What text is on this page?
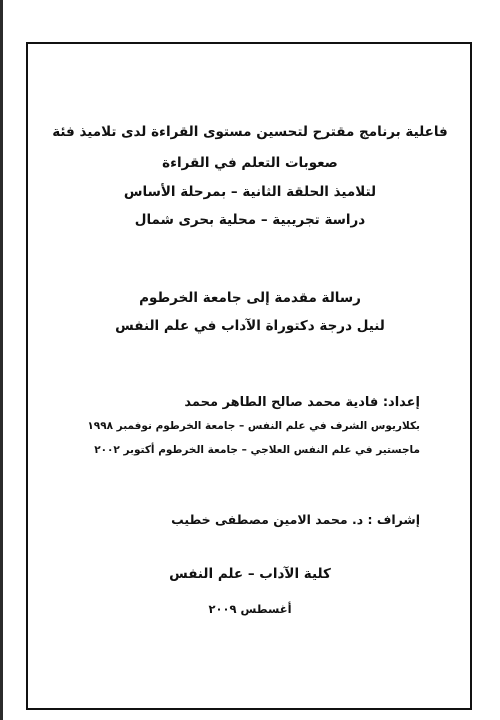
فاعلية برنامج مقترح لتحسين مستوى القراءة لدى تلاميذ فئة
صعوبات التعلم في القراءة
لتلاميذ الحلقة الثانية – بمرحلة الأساس
دراسة تجريبية – محلية بحرى شمال
رسالة مقدمة إلى جامعة الخرطوم
لنيل درجة دكتوراة الآداب في علم النفس
إعداد: فادية محمد صالح الطاهر محمد
بكلاريوس الشرف في علم النفس – جامعة الخرطوم نوفمبر ١٩٩٨
ماجستير في علم النفس العلاجي – جامعة الخرطوم أكتوبر ٢٠٠٢
إشراف : د. محمد الامين مصطفى خطيب
كلية الآداب – علم النفس
أغسطس ٢٠٠٩
